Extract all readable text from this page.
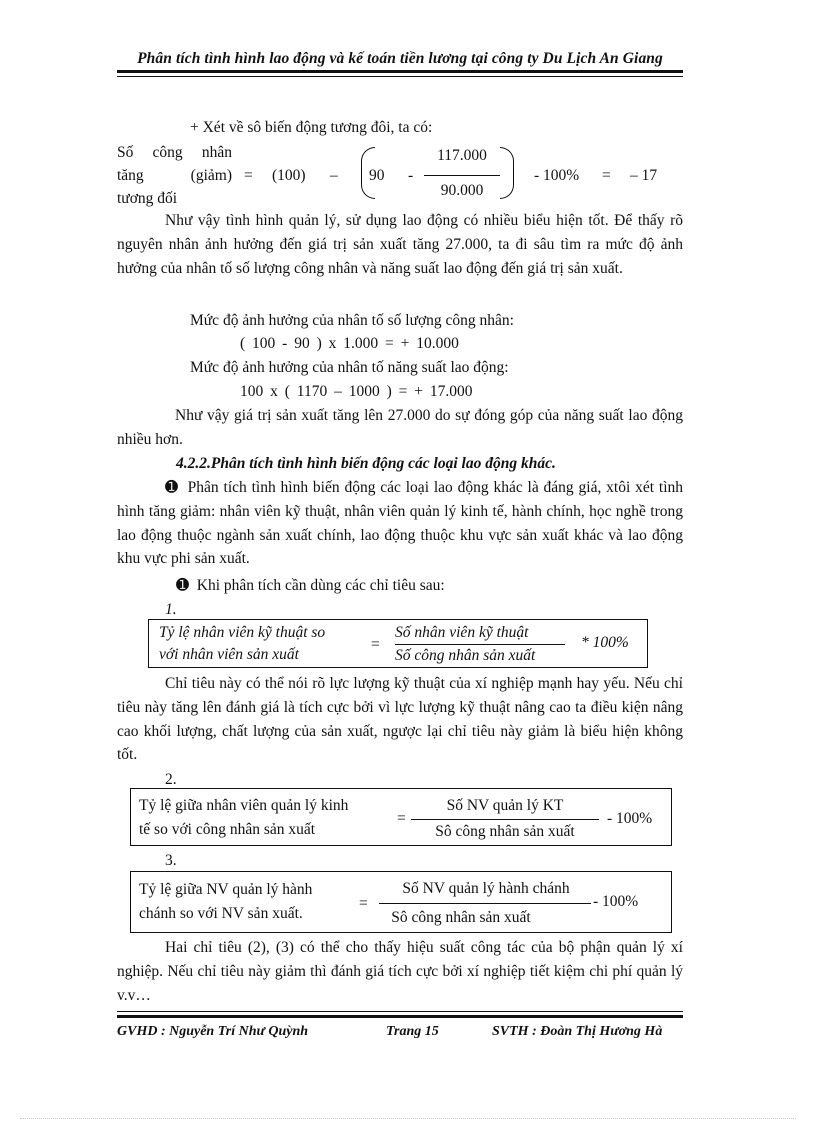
Phân tích tình hình lao động và kế toán tiền lương tại công ty Du Lịch An Giang
+ Xét về sô biến động tương đôi, ta có:
Số công nhân
tăng (giảm)
tương đối
= (100) – 90 -
117.000
90.000
- 100% = – 17
Như vậy tình hình quản lý, sử dụng lao động có nhiều biểu hiện tốt. Để thấy rõ nguyên nhân ảnh hưởng đến giá trị sản xuất tăng 27.000, ta đi sâu tìm ra mức độ ảnh hưởng của nhân tố số lượng công nhân và năng suất lao động đến giá trị sản xuất.
Mức độ ảnh hưởng của nhân tố số lượng công nhân:
( 100 - 90 ) x 1.000 = + 10.000
Mức độ ảnh hưởng của nhân tố năng suất lao động:
100 x ( 1170 – 1000 ) = + 17.000
Như vậy giá trị sản xuất tăng lên 27.000 do sự đóng góp của năng suất lao động nhiều hơn.
4.2.2.Phân tích tình hình biến động các loại lao động khác.
➊ Phân tích tình hình biến động các loại lao động khác là đáng giá, xtôi xét tình hình tăng giảm: nhân viên kỹ thuật, nhân viên quản lý kinh tế, hành chính, học nghề trong lao động thuộc ngành sản xuất chính, lao động thuộc khu vực sản xuất khác và lao động khu vực phi sản xuất.
➊ Khi phân tích cần dùng các chỉ tiêu sau:
1.
Tỷ lệ nhân viên kỹ thuật so
với nhân viên sản xuất
=
Số nhân viên kỹ thuật
Số công nhân sản xuất
* 100%
Chỉ tiêu này có thể nói rõ lực lượng kỹ thuật của xí nghiệp mạnh hay yếu. Nếu chỉ tiêu này tăng lên đánh giá là tích cực bởi vì lực lượng kỹ thuật nâng cao ta điều kiện nâng cao khối lượng, chất lượng của sản xuất, ngược lại chỉ tiêu này giảm là biểu hiện không tốt.
2.
Tỷ lệ giữa nhân viên quản lý kinh
tế so với công nhân sản xuất
=
Số NV quản lý KT
Sô công nhân sản xuất
- 100%
3.
Tỷ lệ giữa NV quản lý hành
chánh so với NV sản xuất.
=
Số NV quản lý hành chánh
Sô công nhân sản xuất
- 100%
Hai chỉ tiêu (2), (3) có thể cho thấy hiệu suất công tác của bộ phận quản lý xí nghiệp. Nếu chỉ tiêu này giảm thì đánh giá tích cực bởi xí nghiệp tiết kiệm chi phí quản lý v.v…
GVHD : Nguyễn Trí Như Quỳnh	Trang 15	SVTH : Đoàn Thị Hương Hà
